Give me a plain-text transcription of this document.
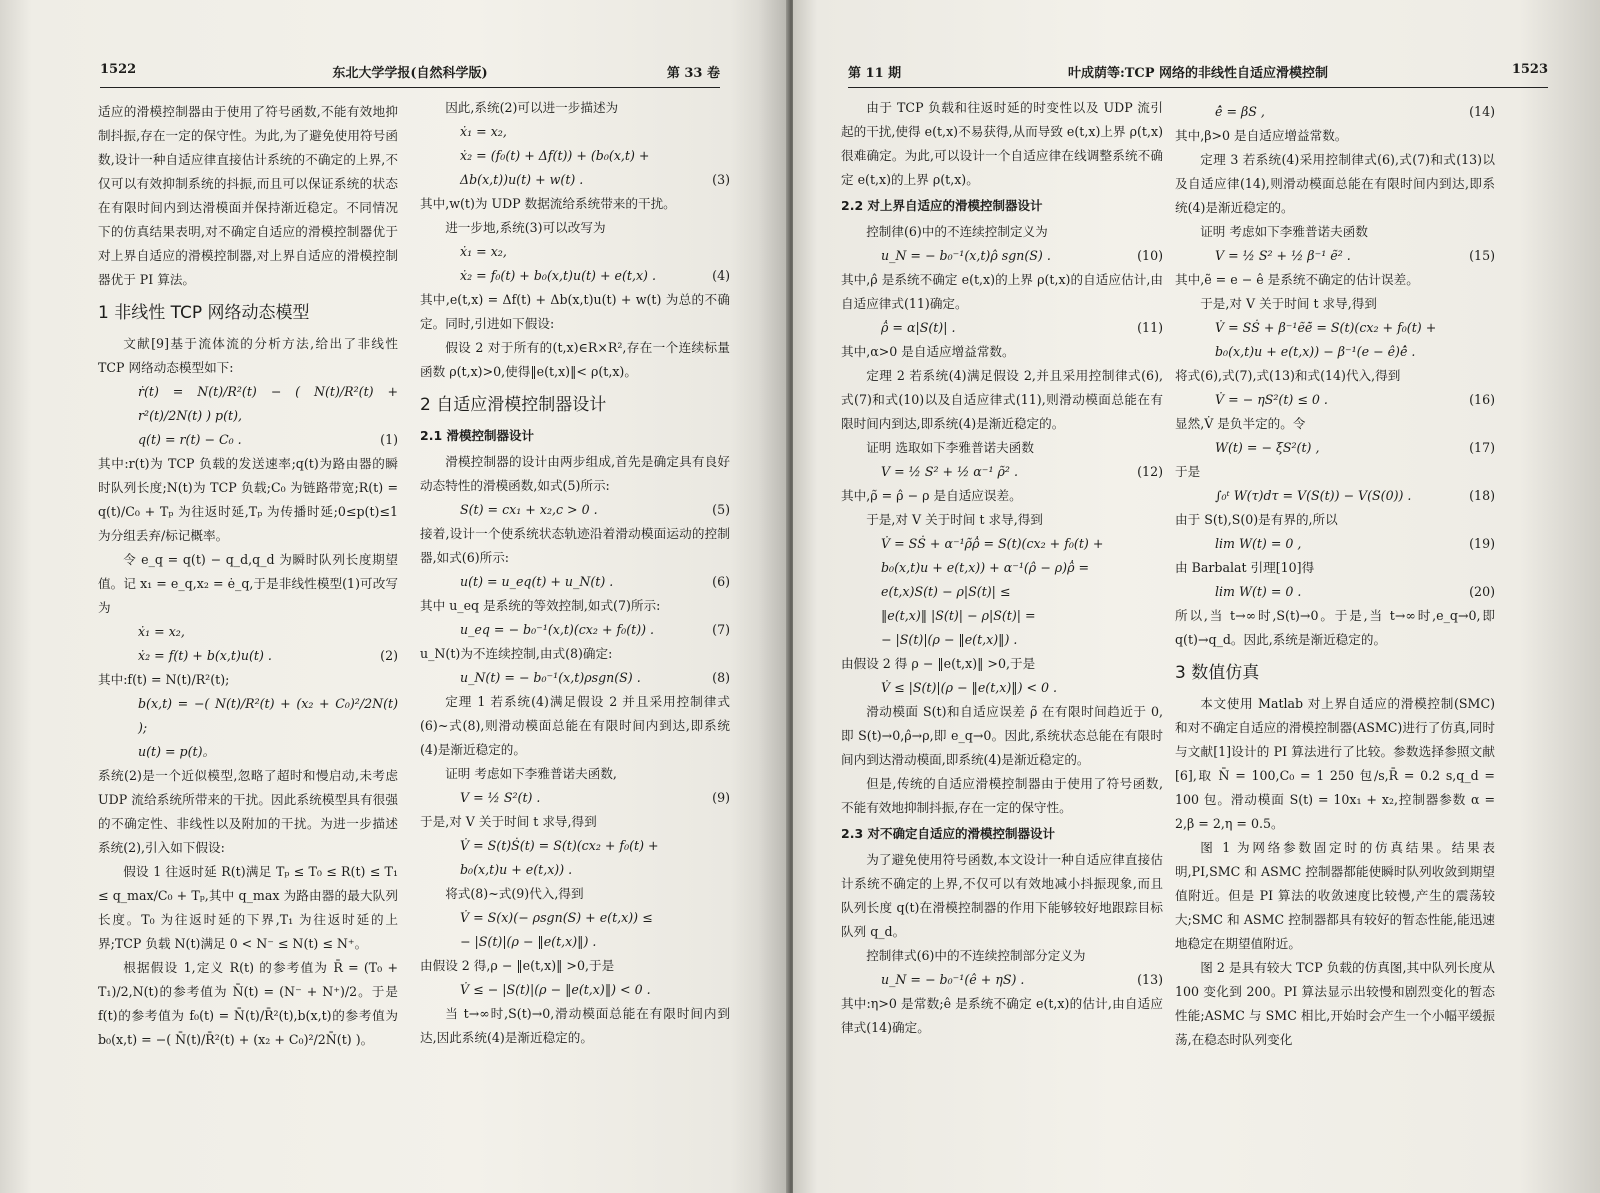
1522	东北大学学报(自然科学版)	第 33 卷

适应的滑模控制器由于使用了符号函数,不能有效地抑制抖振,存在一定的保守性。为此,为了避免使用符号函数,设计一种自适应律直接估计系统的不确定的上界,不仅可以有效抑制系统的抖振,而且可以保证系统的状态在有限时间内到达滑模面并保持渐近稳定。不同情况下的仿真结果表明,对不确定自适应的滑模控制器优于对上界自适应的滑模控制器,对上界自适应的滑模控制器优于 PI 算法。

1 非线性 TCP 网络动态模型

文献[9]基于流体流的分析方法,给出了非线性 TCP 网络动态模型如下:

ṙ(t) = N(t)/R²(t) − ( N(t)/R²(t) + r²(t)/2N(t) ) p(t),
q(t) = r(t) − C₀ .	(1)

其中:r(t)为 TCP 负载的发送速率;q(t)为路由器的瞬时队列长度;N(t)为 TCP 负载;C₀ 为链路带宽;R(t) = q(t)/C₀ + Tₚ 为往返时延,Tₚ 为传播时延;0≤p(t)≤1 为分组丢弃/标记概率。

令 e_q = q(t) − q_d,q_d 为瞬时队列长度期望值。记 x₁ = e_q,x₂ = ė_q,于是非线性模型(1)可改写为

ẋ₁ = x₂,
ẋ₂ = f(t) + b(x,t)u(t) .	(2)

其中:f(t) = N(t)/R²(t);

b(x,t) = −( N(t)/R²(t) + (x₂ + C₀)²/2N(t) );
u(t) = p(t)。

系统(2)是一个近似模型,忽略了超时和慢启动,未考虑 UDP 流给系统所带来的干扰。因此系统模型具有很强的不确定性、非线性以及附加的干扰。为进一步描述系统(2),引入如下假设:

假设 1 往返时延 R(t)满足 Tₚ ≤ T₀ ≤ R(t) ≤ T₁ ≤ q_max/C₀ + Tₚ,其中 q_max 为路由器的最大队列长度。T₀ 为往返时延的下界,T₁ 为往返时延的上界;TCP 负载 N(t)满足 0 < N⁻ ≤ N(t) ≤ N⁺。

根据假设 1,定义 R(t) 的参考值为 R̄ = (T₀ + T₁)/2,N(t)的参考值为 N̄(t) = (N⁻ + N⁺)/2。于是 f(t)的参考值为 f₀(t) = N̄(t)/R̄²(t),b(x,t)的参考值为 b₀(x,t) = −( N̄(t)/R̄²(t) + (x₂ + C₀)²/2N̄(t) )。

因此,系统(2)可以进一步描述为

ẋ₁ = x₂,
ẋ₂ = (f₀(t) + Δf(t)) + (b₀(x,t) +
Δb(x,t))u(t) + w(t) .	(3)

其中,w(t)为 UDP 数据流给系统带来的干扰。

进一步地,系统(3)可以改写为

ẋ₁ = x₂,
ẋ₂ = f₀(t) + b₀(x,t)u(t) + e(t,x) .	(4)

其中,e(t,x) = Δf(t) + Δb(x,t)u(t) + w(t) 为总的不确定。同时,引进如下假设:

假设 2 对于所有的(t,x)∈R×R²,存在一个连续标量函数 ρ(t,x)>0,使得‖e(t,x)‖< ρ(t,x)。

2 自适应滑模控制器设计
2.1 滑模控制器设计

滑模控制器的设计由两步组成,首先是确定具有良好动态特性的滑模函数,如式(5)所示:

S(t) = cx₁ + x₂,c > 0 .	(5)

接着,设计一个使系统状态轨迹沿着滑动模面运动的控制器,如式(6)所示:

u(t) = u_eq(t) + u_N(t) .	(6)

其中 u_eq 是系统的等效控制,如式(7)所示:

u_eq = − b₀⁻¹(x,t)(cx₂ + f₀(t)) .	(7)

u_N(t)为不连续控制,由式(8)确定:

u_N(t) = − b₀⁻¹(x,t)ρsgn(S) .	(8)

定理 1 若系统(4)满足假设 2 并且采用控制律式(6)~式(8),则滑动模面总能在有限时间内到达,即系统(4)是渐近稳定的。

证明 考虑如下李雅普诺夫函数,

V = ½ S²(t) .	(9)

于是,对 V 关于时间 t 求导,得到

V̇ = S(t)Ṡ(t) = S(t)(cx₂ + f₀(t) +
b₀(x,t)u + e(t,x)) .

将式(8)~式(9)代入,得到

V̇ = S(x)(− ρsgn(S) + e(t,x)) ≤
− |S(t)|(ρ − ‖e(t,x)‖) .

由假设 2 得,ρ − ‖e(t,x)‖ >0,于是

V̇ ≤ − |S(t)|(ρ − ‖e(t,x)‖) < 0 .

当 t→∞时,S(t)→0,滑动模面总能在有限时间内到达,因此系统(4)是渐近稳定的。

第 11 期	叶成荫等:TCP 网络的非线性自适应滑模控制	1523

由于 TCP 负载和往返时延的时变性以及 UDP 流引起的干扰,使得 e(t,x)不易获得,从而导致 e(t,x)上界 ρ(t,x)很难确定。为此,可以设计一个自适应律在线调整系统不确定 e(t,x)的上界 ρ(t,x)。

2.2 对上界自适应的滑模控制器设计

控制律(6)中的不连续控制定义为

u_N = − b₀⁻¹(x,t)ρ̂ sgn(S) .	(10)

其中,ρ̂ 是系统不确定 e(t,x)的上界 ρ(t,x)的自适应估计,由自适应律式(11)确定。

ρ̂̇ = α|S(t)| .	(11)

其中,α>0 是自适应增益常数。

定理 2 若系统(4)满足假设 2,并且采用控制律式(6),式(7)和式(10)以及自适应律式(11),则滑动模面总能在有限时间内到达,即系统(4)是渐近稳定的。

证明 选取如下李雅普诺夫函数

V = ½ S² + ½ α⁻¹ ρ̃² .	(12)

其中,ρ̃ = ρ̂ − ρ 是自适应误差。

于是,对 V 关于时间 t 求导,得到

V̇ = SṠ + α⁻¹ρ̃ρ̂̇ = S(t)(cx₂ + f₀(t) +
b₀(x,t)u + e(t,x)) + α⁻¹(ρ̂ − ρ)ρ̂̇ =
e(t,x)S(t) − ρ|S(t)| ≤
‖e(t,x)‖ |S(t)| − ρ|S(t)| =
− |S(t)|(ρ − ‖e(t,x)‖) .

由假设 2 得 ρ − ‖e(t,x)‖ >0,于是

V̇ ≤ |S(t)|(ρ − ‖e(t,x)‖) < 0 .

滑动模面 S(t)和自适应误差 ρ̃ 在有限时间趋近于 0,即 S(t)→0,ρ̂→ρ,即 e_q→0。因此,系统状态总能在有限时间内到达滑动模面,即系统(4)是渐近稳定的。

但是,传统的自适应滑模控制器由于使用了符号函数,不能有效地抑制抖振,存在一定的保守性。

2.3 对不确定自适应的滑模控制器设计

为了避免使用符号函数,本文设计一种自适应律直接估计系统不确定的上界,不仅可以有效地减小抖振现象,而且队列长度 q(t)在滑模控制器的作用下能够较好地跟踪目标队列 q_d。

控制律式(6)中的不连续控制部分定义为

u_N = − b₀⁻¹(ê + ηS) .	(13)

其中:η>0 是常数;ê 是系统不确定 e(t,x)的估计,由自适应律式(14)确定。

ê̇ = βS ,	(14)

其中,β>0 是自适应增益常数。

定理 3 若系统(4)采用控制律式(6),式(7)和式(13)以及自适应律(14),则滑动模面总能在有限时间内到达,即系统(4)是渐近稳定的。

证明 考虑如下李雅普诺夫函数

V = ½ S² + ½ β⁻¹ ẽ² .	(15)

其中,ẽ = e − ê 是系统不确定的估计误差。

于是,对 V 关于时间 t 求导,得到

V̇ = SṠ + β⁻¹ẽẽ̇ = S(t)(cx₂ + f₀(t) +
b₀(x,t)u + e(t,x)) − β⁻¹(e − ê)ê̇ .

将式(6),式(7),式(13)和式(14)代入,得到

V̇ = − ηS²(t) ≤ 0 .	(16)

显然,V̇ 是负半定的。令

W(t) = − ξS²(t) ,	(17)

于是

∫₀ᵗ W(τ)dτ = V(S(t)) − V(S(0)) .	(18)

由于 S(t),S(0)是有界的,所以

lim W(t) = 0 ,	(19)

由 Barbalat 引理[10]得

lim W(t) = 0 .	(20)

所以,当 t→∞时,S(t)→0。于是,当 t→∞时,e_q→0,即 q(t)→q_d。因此,系统是渐近稳定的。

3 数值仿真

本文使用 Matlab 对上界自适应的滑模控制(SMC)和对不确定自适应的滑模控制器(ASMC)进行了仿真,同时与文献[1]设计的 PI 算法进行了比较。参数选择参照文献[6],取 N̄ = 100,C₀ = 1 250 包/s,R̄ = 0.2 s,q_d = 100 包。滑动模面 S(t) = 10x₁ + x₂,控制器参数 α = 2,β = 2,η = 0.5。

图 1 为网络参数固定时的仿真结果。结果表明,PI,SMC 和 ASMC 控制器都能使瞬时队列收敛到期望值附近。但是 PI 算法的收敛速度比较慢,产生的震荡较大;SMC 和 ASMC 控制器都具有较好的暂态性能,能迅速地稳定在期望值附近。

图 2 是具有较大 TCP 负载的仿真图,其中队列长度从 100 变化到 200。PI 算法显示出较慢和剧烈变化的暂态性能;ASMC 与 SMC 相比,开始时会产生一个小幅平缓振荡,在稳态时队列变化
